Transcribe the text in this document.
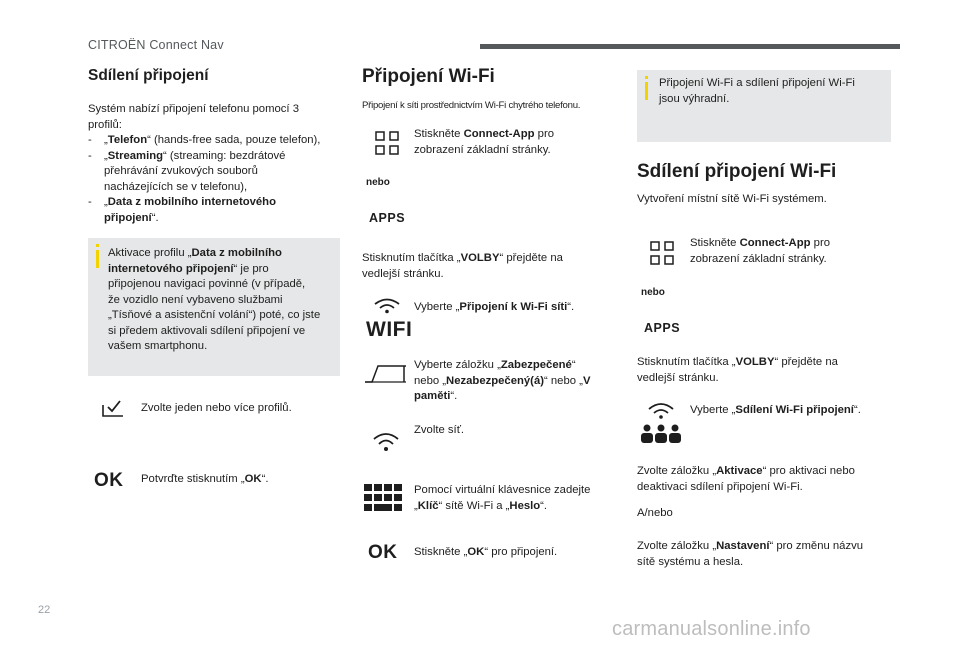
CITROËN Connect Nav
Sdílení připojení
Systém nabízí připojení telefonu pomocí 3
profilů:
- „Telefon“ (hands-free sada, pouze telefon),
- „Streaming“ (streaming: bezdrátové
přehrávání zvukových souborů
nacházejících se v telefonu),
- „Data z mobilního internetového
připojení“.
Aktivace profilu „Data z mobilního
internetového připojení“ je pro
připojenou navigaci povinné (v případě,
že vozidlo není vybaveno službami
„Tísňové a asistenční volání“) poté, co jste
si předem aktivovali sdílení připojení ve
vašem smartphonu.
Zvolte jeden nebo více profilů.
OK Potvrďte stisknutím „OK“.
Připojení Wi-Fi
Připojení k síti prostřednictvím Wi-Fi chytrého telefonu.
Stiskněte Connect-App pro
zobrazení základní stránky.
nebo
APPS
Stisknutím tlačítka „VOLBY“ přejděte na
vedlejší stránku.
WIFI
Vyberte „Připojení k Wi-Fi síti“.
Vyberte záložku „Zabezpečené“
nebo „Nezabezpečený(á)“ nebo „V
paměti“.
Zvolte síť.
Pomocí virtuální klávesnice zadejte
„Klíč“ sítě Wi-Fi a „Heslo“.
OK Stiskněte „OK“ pro připojení.
Připojení Wi-Fi a sdílení připojení Wi-Fi
jsou výhradní.
Sdílení připojení Wi-Fi
Vytvoření místní sítě Wi-Fi systémem.
Stiskněte Connect-App pro
zobrazení základní stránky.
nebo
APPS
Stisknutím tlačítka „VOLBY“ přejděte na
vedlejší stránku.
Vyberte „Sdílení Wi-Fi připojení“.
Zvolte záložku „Aktivace“ pro aktivaci nebo
deaktivaci sdílení připojení Wi-Fi.
A/nebo
Zvolte záložku „Nastavení“ pro změnu názvu
sítě systému a hesla.
22
carmanualsonline.info
